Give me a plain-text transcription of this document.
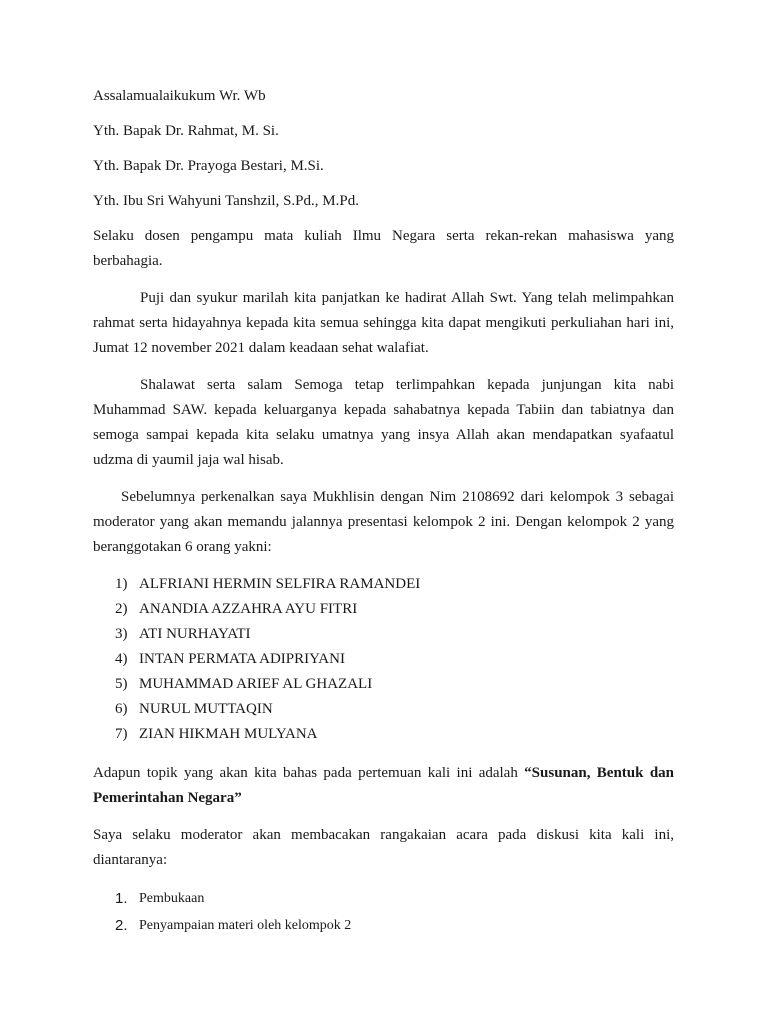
Assalamualaikukum Wr. Wb

Yth. Bapak Dr. Rahmat, M. Si.

Yth. Bapak Dr. Prayoga Bestari, M.Si.

Yth. Ibu Sri Wahyuni Tanshzil, S.Pd., M.Pd.

Selaku dosen pengampu mata kuliah Ilmu Negara serta rekan-rekan mahasiswa yang berbahagia.

Puji dan syukur marilah kita panjatkan ke hadirat Allah Swt. Yang telah melimpahkan rahmat serta hidayahnya kepada kita semua sehingga kita dapat mengikuti perkuliahan hari ini, Jumat 12 november 2021 dalam keadaan sehat walafiat.

Shalawat serta salam Semoga tetap terlimpahkan kepada junjungan kita nabi Muhammad SAW. kepada keluarganya kepada sahabatnya kepada Tabiin dan tabiatnya dan semoga sampai kepada kita selaku umatnya yang insya Allah akan mendapatkan syafaatul udzma di yaumil jaja wal hisab.

Sebelumnya perkenalkan saya Mukhlisin dengan Nim 2108692 dari kelompok 3 sebagai moderator yang akan memandu jalannya presentasi kelompok 2 ini. Dengan kelompok 2 yang beranggotakan 6 orang yakni:

1) ALFRIANI HERMIN SELFIRA RAMANDEI
2) ANANDIA AZZAHRA AYU FITRI
3) ATI NURHAYATI
4) INTAN PERMATA ADIPRIYANI
5) MUHAMMAD ARIEF AL GHAZALI
6) NURUL MUTTAQIN
7) ZIAN HIKMAH MULYANA

Adapun topik yang akan kita bahas pada pertemuan kali ini adalah “Susunan, Bentuk dan Pemerintahan Negara”

Saya selaku moderator akan membacakan rangakaian acara pada diskusi kita kali ini, diantaranya:

1. Pembukaan
2. Penyampaian materi oleh kelompok 2
